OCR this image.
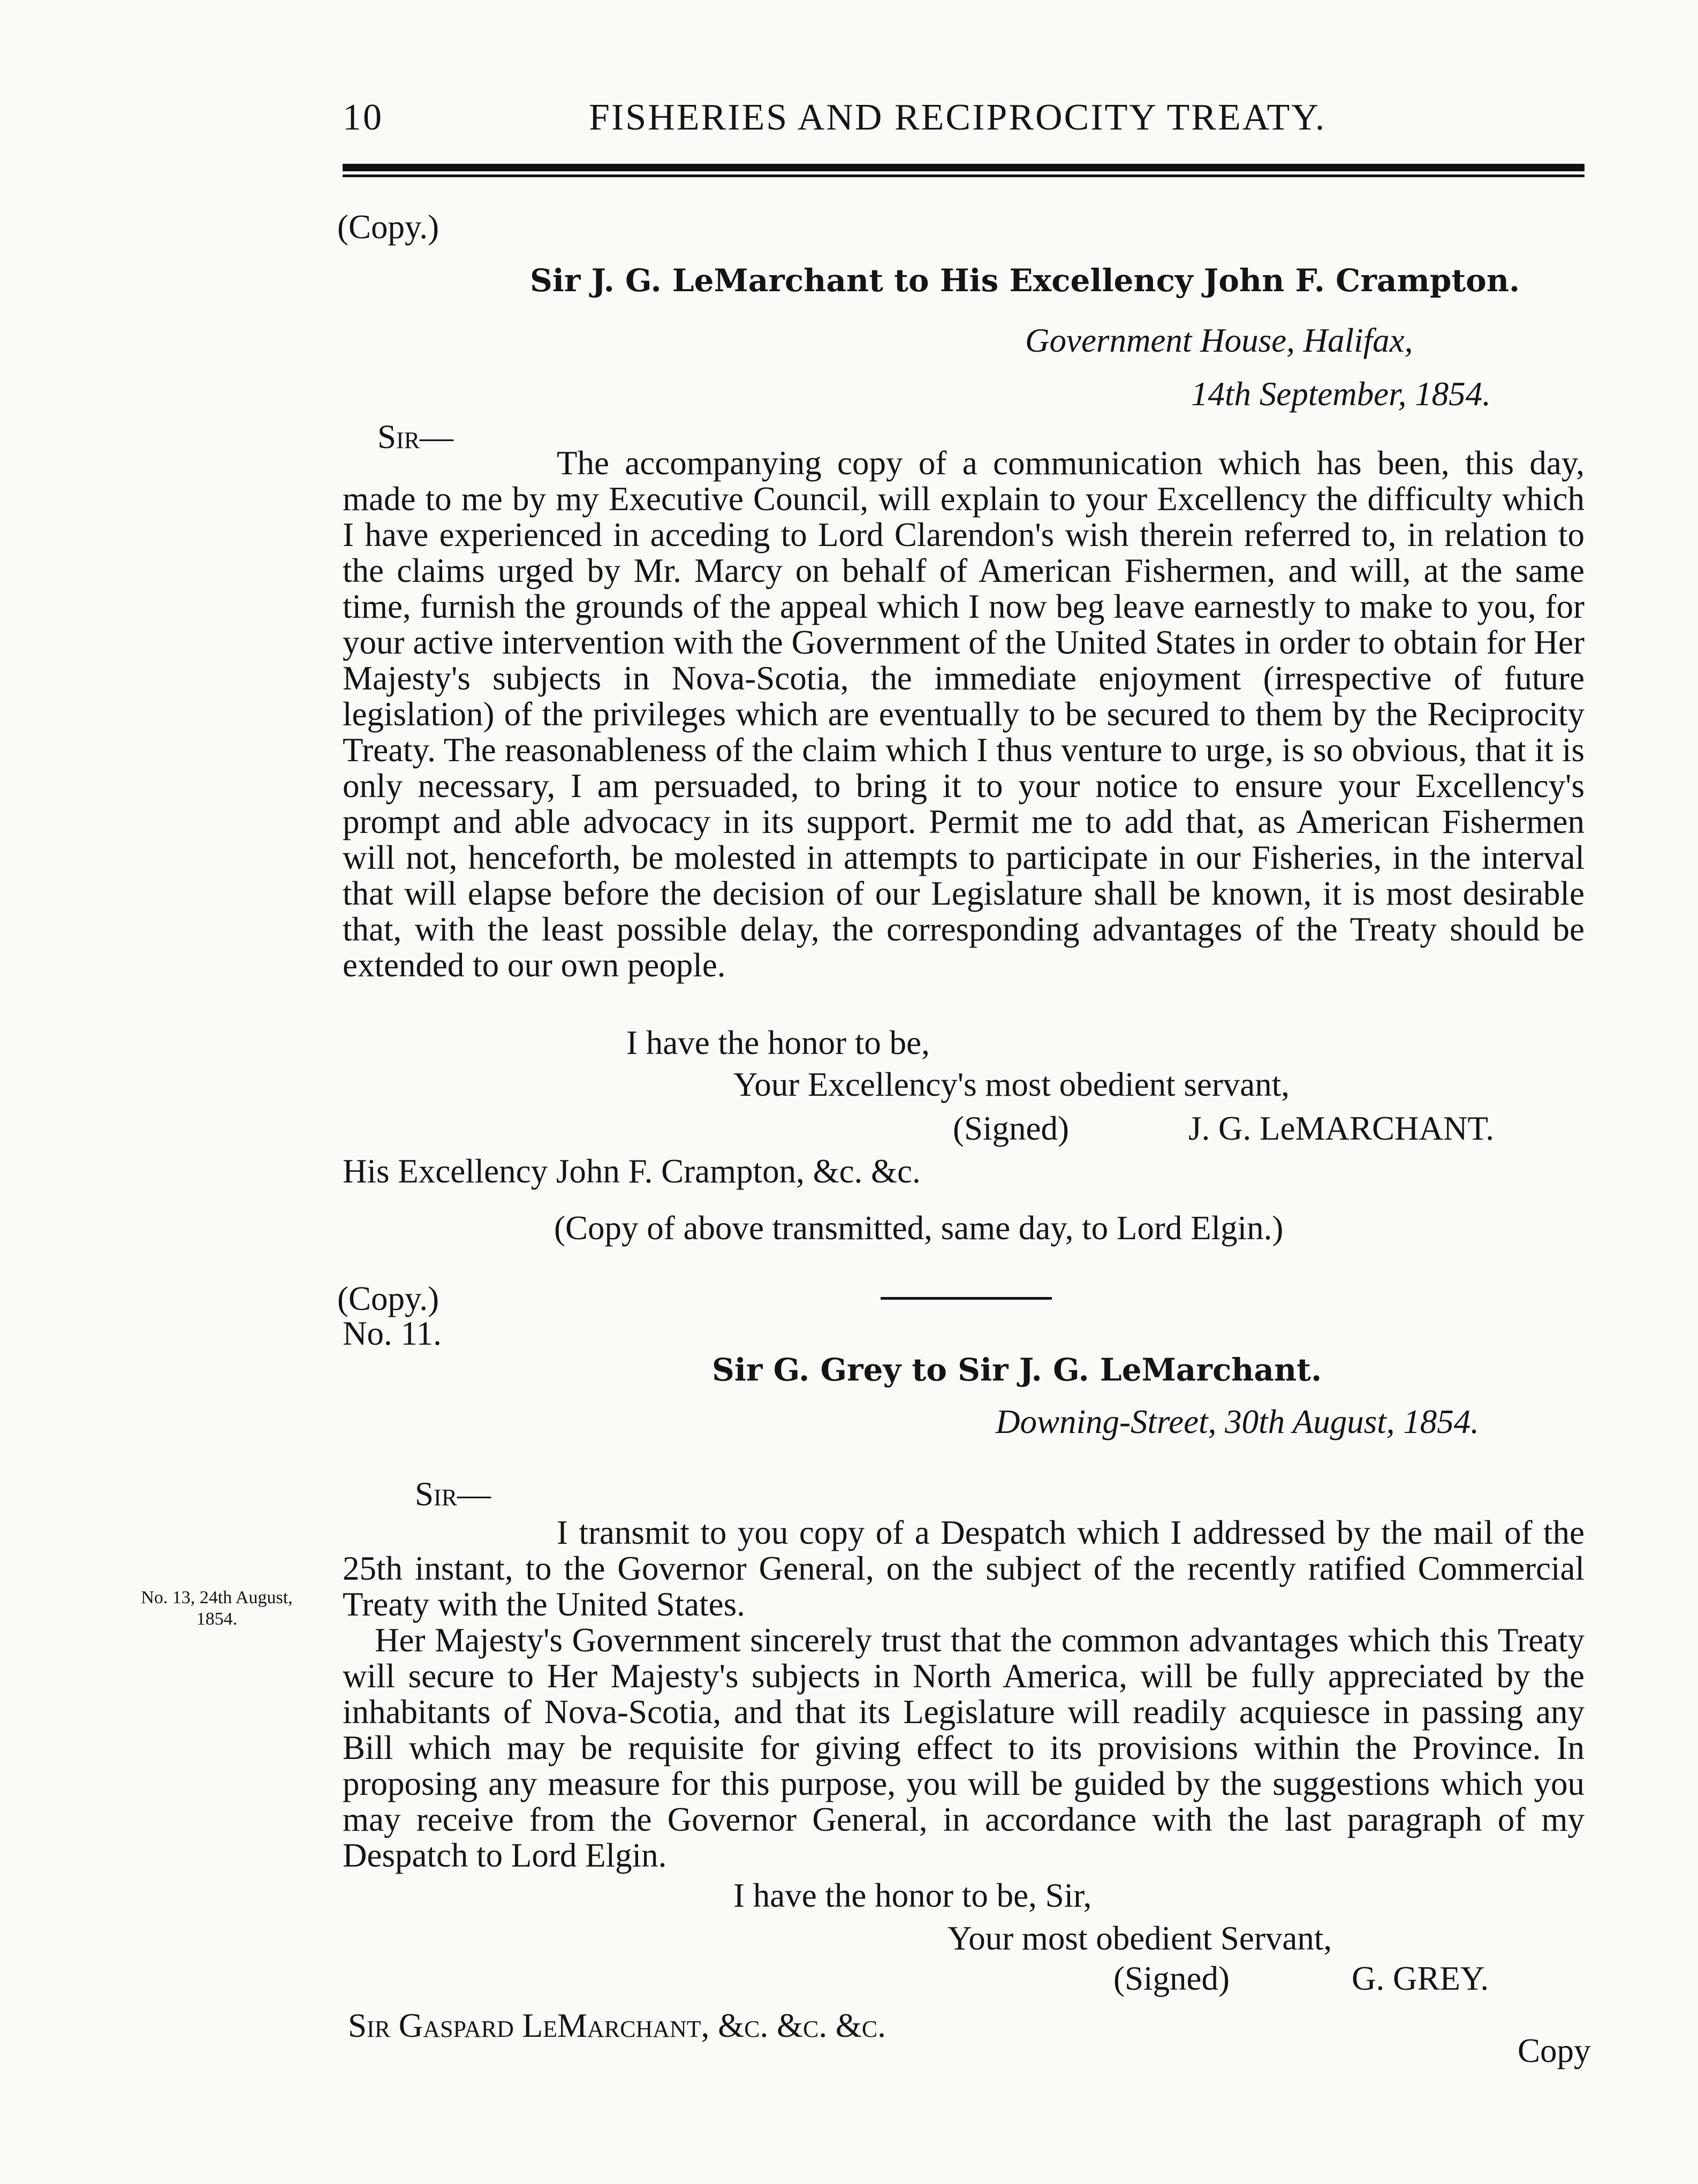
10	FISHERIES AND RECIPROCITY TREATY.
(Copy.)
Sir J. G. LeMarchant to His Excellency John F. Crampton.
Government House, Halifax,
14th September, 1854.
Sir—

The accompanying copy of a communication which has been, this day, made to me by my Executive Council, will explain to your Excellency the difficulty which I have experienced in acceding to Lord Clarendon's wish therein referred to, in relation to the claims urged by Mr. Marcy on behalf of American Fishermen, and will, at the same time, furnish the grounds of the appeal which I now beg leave earnestly to make to you, for your active intervention with the Government of the United States in order to obtain for Her Majesty's subjects in Nova-Scotia, the immediate enjoyment (irrespective of future legislation) of the privileges which are eventually to be secured to them by the Reciprocity Treaty. The reasonableness of the claim which I thus venture to urge, is so obvious, that it is only necessary, I am persuaded, to bring it to your notice to ensure your Excellency's prompt and able advocacy in its support. Permit me to add that, as American Fishermen will not, henceforth, be molested in attempts to participate in our Fisheries, in the interval that will elapse before the decision of our Legislature shall be known, it is most desirable that, with the least possible delay, the corresponding advantages of the Treaty should be extended to our own people.

I have the honor to be,
Your Excellency's most obedient servant,
(Signed)	J. G. LeMARCHANT.
His Excellency John F. Crampton, &c. &c.
(Copy of above transmitted, same day, to Lord Elgin.)
(Copy.)
No. 11.
Sir G. Grey to Sir J. G. LeMarchant.
Downing-Street, 30th August, 1854.
Sir—

I transmit to you copy of a Despatch which I addressed by the mail of the 25th instant, to the Governor General, on the subject of the recently ratified Commercial Treaty with the United States.

Her Majesty's Government sincerely trust that the common advantages which this Treaty will secure to Her Majesty's subjects in North America, will be fully appreciated by the inhabitants of Nova-Scotia, and that its Legislature will readily acquiesce in passing any Bill which may be requisite for giving effect to its provisions within the Province. In proposing any measure for this purpose, you will be guided by the suggestions which you may receive from the Governor General, in accordance with the last paragraph of my Despatch to Lord Elgin.

No. 13, 24th August,
1854.
I have the honor to be, Sir,
Your most obedient Servant,
(Signed)	G. GREY.
Sir Gaspard LeMarchant, &c. &c. &c.
Copy
